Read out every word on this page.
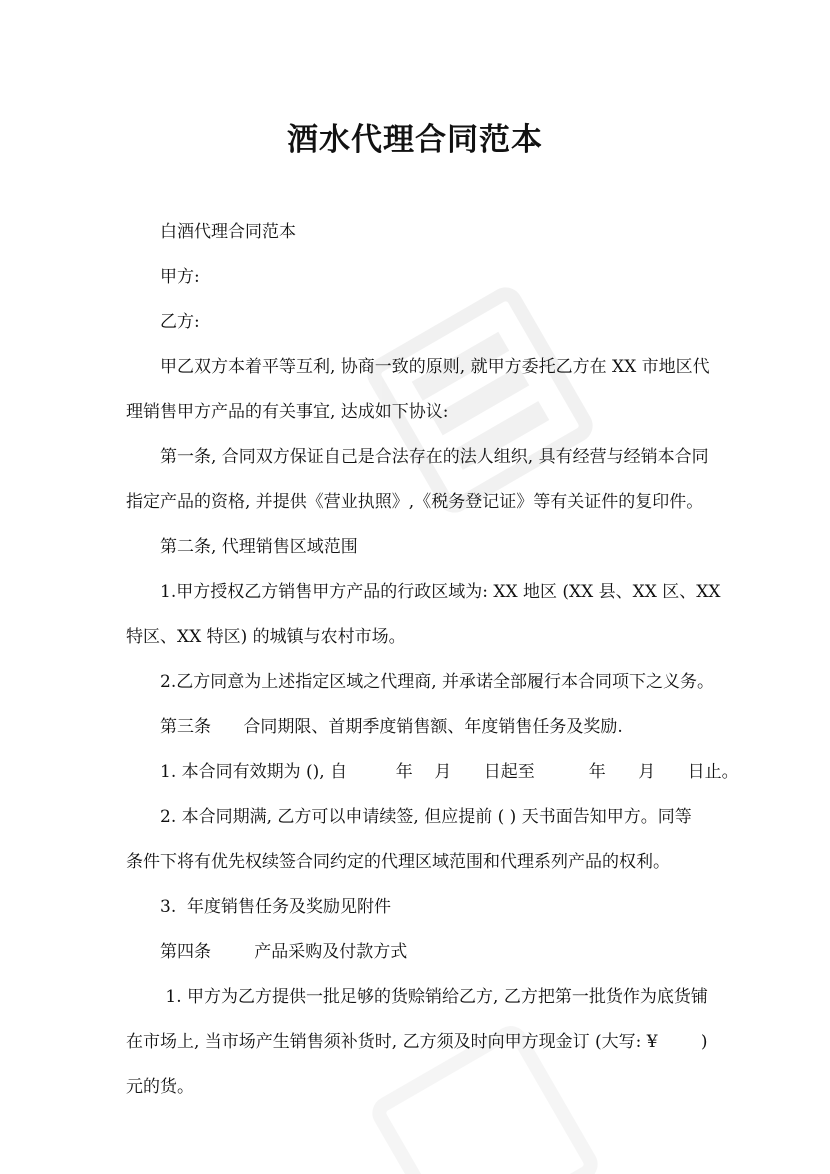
酒水代理合同范本
白酒代理合同范本
甲方:
乙方:
甲乙双方本着平等互利, 协商一致的原则, 就甲方委托乙方在 XX 市地区代
理销售甲方产品的有关事宜, 达成如下协议:
第一条, 合同双方保证自己是合法存在的法人组织, 具有经营与经销本合同
指定产品的资格, 并提供《营业执照》,《税务登记证》等有关证件的复印件。
第二条, 代理销售区域范围
1.甲方授权乙方销售甲方产品的行政区域为: XX 地区 (XX 县、XX 区、XX
特区、XX 特区) 的城镇与农村市场。
2.乙方同意为上述指定区域之代理商, 并承诺全部履行本合同项下之义务。
第三条      合同期限、首期季度销售额、年度销售任务及奖励.
1. 本合同有效期为 (), 自         年    月      日起至          年      月      日止。
2. 本合同期满, 乙方可以申请续签, 但应提前 ( ) 天书面告知甲方。同等
条件下将有优先权续签合同约定的代理区域范围和代理系列产品的权利。
3.  年度销售任务及奖励见附件
第四条        产品采购及付款方式
1. 甲方为乙方提供一批足够的货赊销给乙方, 乙方把第一批货作为底货铺
在市场上, 当市场产生销售须补货时, 乙方须及时向甲方现金订 (大写: ¥        )
元的货。
